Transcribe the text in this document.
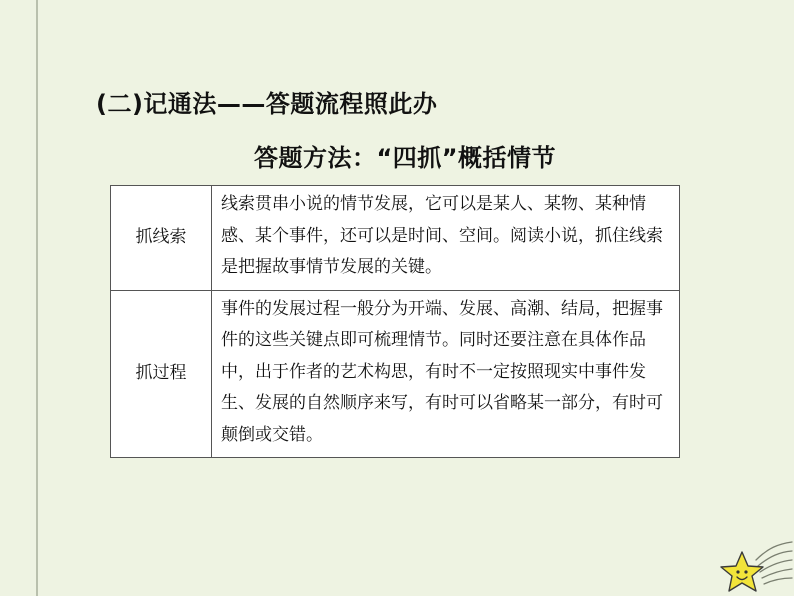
(二)记通法——答题流程照此办
答题方法：“四抓”概括情节
抓线索	线索贯串小说的情节发展，它可以是某人、某物、某种情感、某个事件，还可以是时间、空间。阅读小说，抓住线索是把握故事情节发展的关键。
抓过程	事件的发展过程一般分为开端、发展、高潮、结局，把握事件的这些关键点即可梳理情节。同时还要注意在具体作品中，出于作者的艺术构思，有时不一定按照现实中事件发生、发展的自然顺序来写，有时可以省略某一部分，有时可颠倒或交错。
